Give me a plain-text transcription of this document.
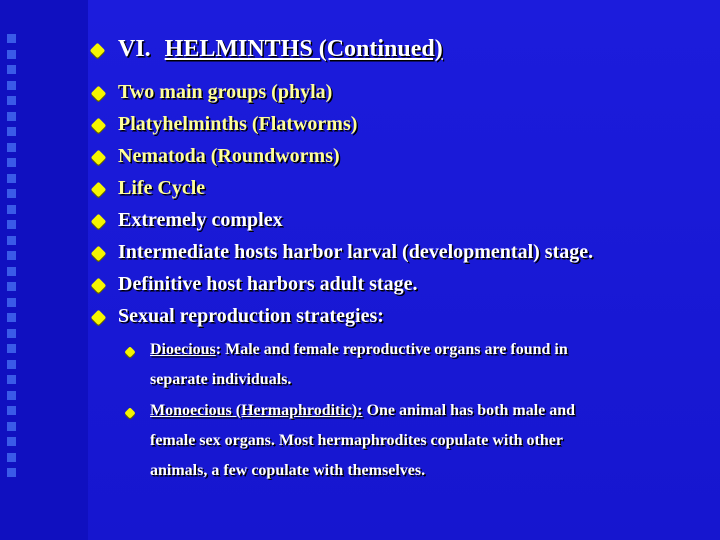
VI. HELMINTHS (Continued)
Two main groups (phyla)
Platyhelminths (Flatworms)
Nematoda (Roundworms)
Life Cycle
Extremely complex
Intermediate hosts harbor larval (developmental) stage.
Definitive host harbors adult stage.
Sexual reproduction strategies:
Dioecious: Male and female reproductive organs are found in
separate individuals.
Monoecious (Hermaphroditic): One animal has both male and
female sex organs. Most hermaphrodites copulate with other
animals, a few copulate with themselves.
